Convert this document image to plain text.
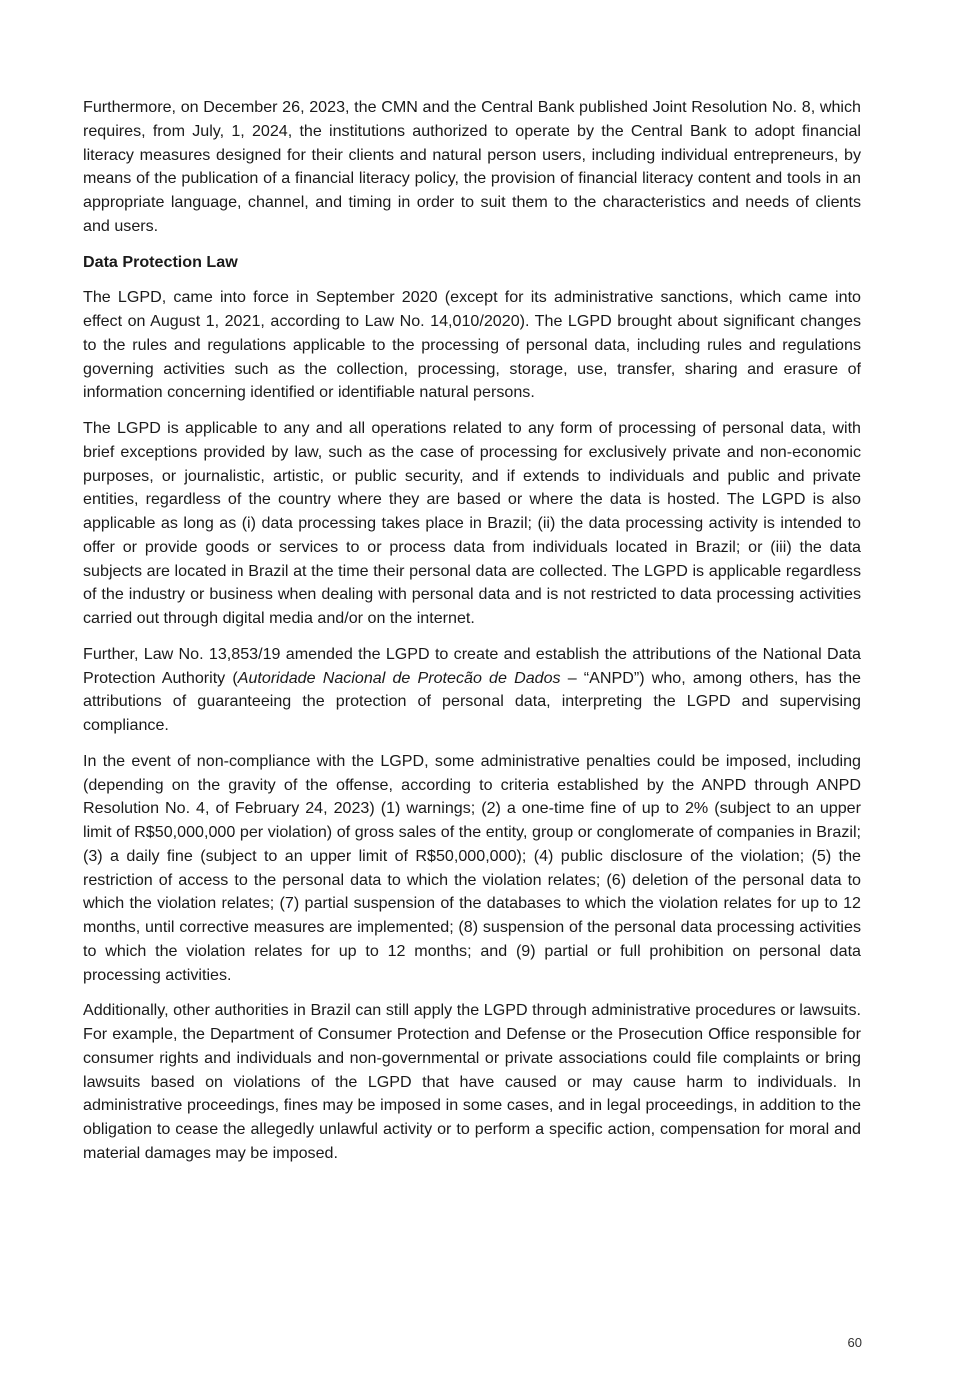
Furthermore, on December 26, 2023, the CMN and the Central Bank published Joint Resolution No. 8, which requires, from July, 1, 2024, the institutions authorized to operate by the Central Bank to adopt financial literacy measures designed for their clients and natural person users, including individual entrepreneurs, by means of the publication of a financial literacy policy, the provision of financial literacy content and tools in an appropriate language, channel, and timing in order to suit them to the characteristics and needs of clients and users.

Data Protection Law

The LGPD, came into force in September 2020 (except for its administrative sanctions, which came into effect on August 1, 2021, according to Law No. 14,010/2020). The LGPD brought about significant changes to the rules and regulations applicable to the processing of personal data, including rules and regulations governing activities such as the collection, processing, storage, use, transfer, sharing and erasure of information concerning identified or identifiable natural persons.

The LGPD is applicable to any and all operations related to any form of processing of personal data, with brief exceptions provided by law, such as the case of processing for exclusively private and non-economic purposes, or journalistic, artistic, or public security, and if extends to individuals and public and private entities, regardless of the country where they are based or where the data is hosted. The LGPD is also applicable as long as (i) data processing takes place in Brazil; (ii) the data processing activity is intended to offer or provide goods or services to or process data from individuals located in Brazil; or (iii) the data subjects are located in Brazil at the time their personal data are collected. The LGPD is applicable regardless of the industry or business when dealing with personal data and is not restricted to data processing activities carried out through digital media and/or on the internet.

Further, Law No. 13,853/19 amended the LGPD to create and establish the attributions of the National Data Protection Authority (Autoridade Nacional de Protecão de Dados – “ANPD”) who, among others, has the attributions of guaranteeing the protection of personal data, interpreting the LGPD and supervising compliance.

In the event of non-compliance with the LGPD, some administrative penalties could be imposed, including (depending on the gravity of the offense, according to criteria established by the ANPD through ANPD Resolution No. 4, of February 24, 2023) (1) warnings; (2) a one-time fine of up to 2% (subject to an upper limit of R$50,000,000 per violation) of gross sales of the entity, group or conglomerate of companies in Brazil; (3) a daily fine (subject to an upper limit of R$50,000,000); (4) public disclosure of the violation; (5) the restriction of access to the personal data to which the violation relates; (6) deletion of the personal data to which the violation relates; (7) partial suspension of the databases to which the violation relates for up to 12 months, until corrective measures are implemented; (8) suspension of the personal data processing activities to which the violation relates for up to 12 months; and (9) partial or full prohibition on personal data processing activities.

Additionally, other authorities in Brazil can still apply the LGPD through administrative procedures or lawsuits. For example, the Department of Consumer Protection and Defense or the Prosecution Office responsible for consumer rights and individuals and non-governmental or private associations could file complaints or bring lawsuits based on violations of the LGPD that have caused or may cause harm to individuals. In administrative proceedings, fines may be imposed in some cases, and in legal proceedings, in addition to the obligation to cease the allegedly unlawful activity or to perform a specific action, compensation for moral and material damages may be imposed.

60
